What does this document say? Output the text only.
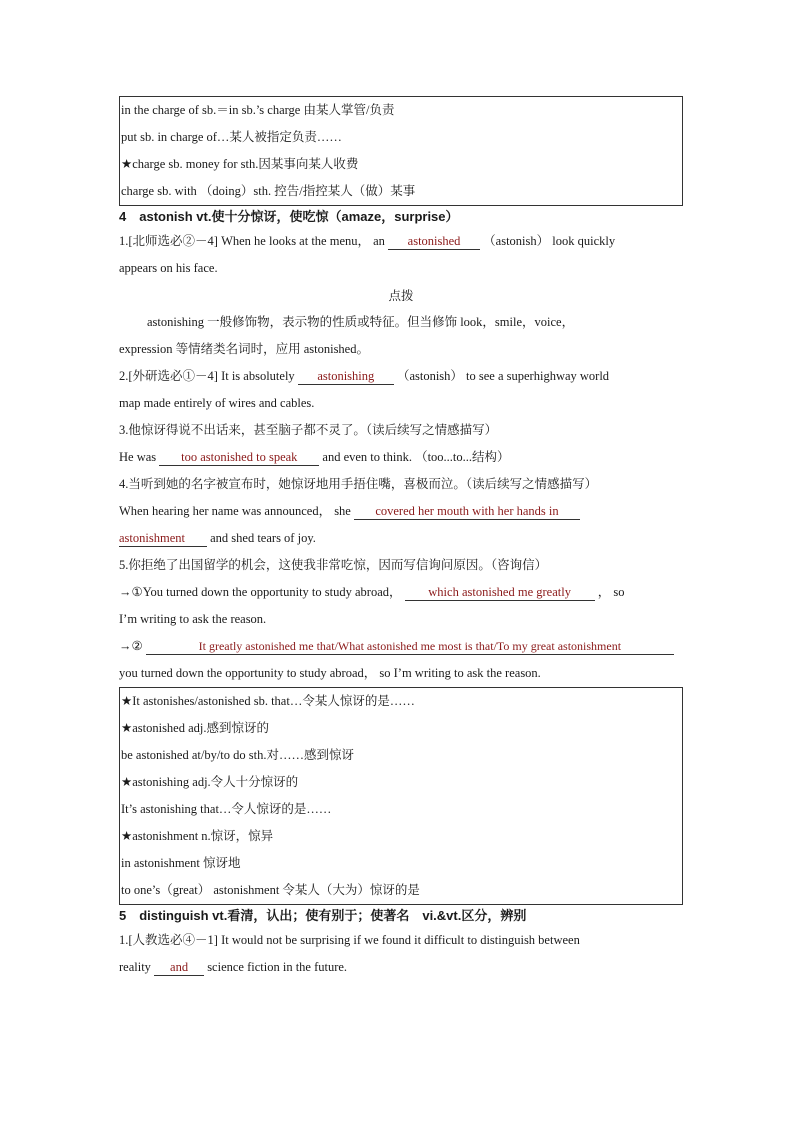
in the charge of sb.＝in sb.’s charge 由某人掌管/负责
put sb. in charge of…某人被指定负责……
★charge sb. money for sth.因某事向某人收费
charge sb. with （doing）sth. 控告/指控某人（做）某事
4　astonish vt.使十分惊讶，使吃惊（amaze，surprise）
1.[北师选必②－4] When he looks at the menu， an astonished （astonish） look quickly
appears on his face.
点拨
astonishing 一般修饰物，表示物的性质或特征。但当修饰 look，smile，voice，
expression 等情绪类名词时，应用 astonished。
2.[外研选必①－4] It is absolutely astonishing （astonish） to see a superhighway world
map made entirely of wires and cables.
3.他惊讶得说不出话来，甚至脑子都不灵了。（读后续写之情感描写）
He was too astonished to speak and even to think. （too...to...结构）
4.当听到她的名字被宣布时，她惊讶地用手捂住嘴，喜极而泣。（读后续写之情感描写）
When hearing her name was announced， she covered her mouth with her hands in
astonishment and shed tears of joy.
5.你拒绝了出国留学的机会，这使我非常吃惊，因而写信询问原因。（咨询信）
→①You turned down the opportunity to study abroad， which astonished me greatly ， so
I’m writing to ask the reason.
→②	It greatly astonished me that/What astonished me most is that/To my great astonishment
you turned down the opportunity to study abroad， so I’m writing to ask the reason.
★It astonishes/astonished sb. that…令某人惊讶的是……
★astonished adj.感到惊讶的
be astonished at/by/to do sth.对……感到惊讶
★astonishing adj.令人十分惊讶的
It’s astonishing that…令人惊讶的是……
★astonishment n.惊讶，惊异
in astonishment 惊讶地
to one’s（great） astonishment 令某人（大为）惊讶的是
5　distinguish vt.看清，认出；使有别于；使著名　vi.&vt.区分，辨别
1.[人教选必④－1] It would not be surprising if we found it difficult to distinguish between
reality and science fiction in the future.
